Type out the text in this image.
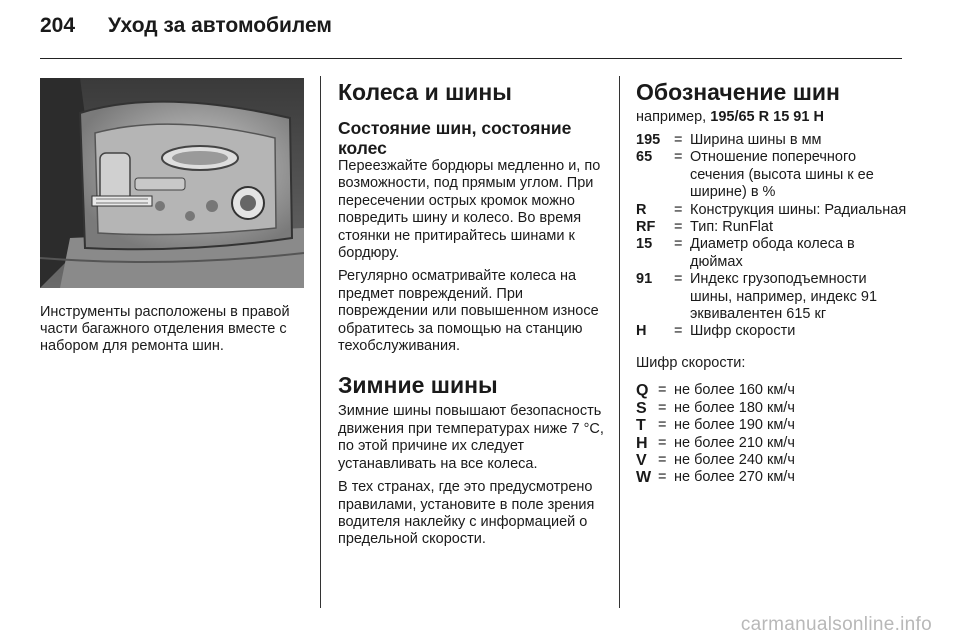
204	Уход за автомобилем
Инструменты расположены в правой части багажного отделения вместе с набором для ремонта шин.
Колеса и шины
Состояние шин, состояние колес

Переезжайте бордюры медленно и, по возможности, под прямым углом. При пересечении острых кромок можно повредить шину и колесо. Во время стоянки не притирайтесь шинами к бордюру.

Регулярно осматривайте колеса на предмет повреждений. При повреждении или повышенном износе обратитесь за помощью на станцию техобслуживания.

Зимние шины

Зимние шины повышают безопасность движения при температурах ниже 7 °C, по этой причине их следует устанавливать на все колеса.

В тех странах, где это предусмотрено правилами, установите в поле зрения водителя наклейку с информацией о предельной скорости.

Обозначение шин
например, 195/65 R 15 91 H
195 = Ширина шины в мм
65	= Отношение поперечного сечения (высота шины к ее ширине) в %
R	= Конструкция шины: Радиальная
RF	= Тип: RunFlat
15	= Диаметр обода колеса в дюймах
91	= Индекс грузоподъемности шины, например, индекс 91 эквивалентен 615 кг
H	= Шифр скорости
Шифр скорости:
Q = не более 160 км/ч
S = не более 180 км/ч
T = не более 190 км/ч
H = не более 210 км/ч
V = не более 240 км/ч
W = не более 270 км/ч
carmanualsonline.info
